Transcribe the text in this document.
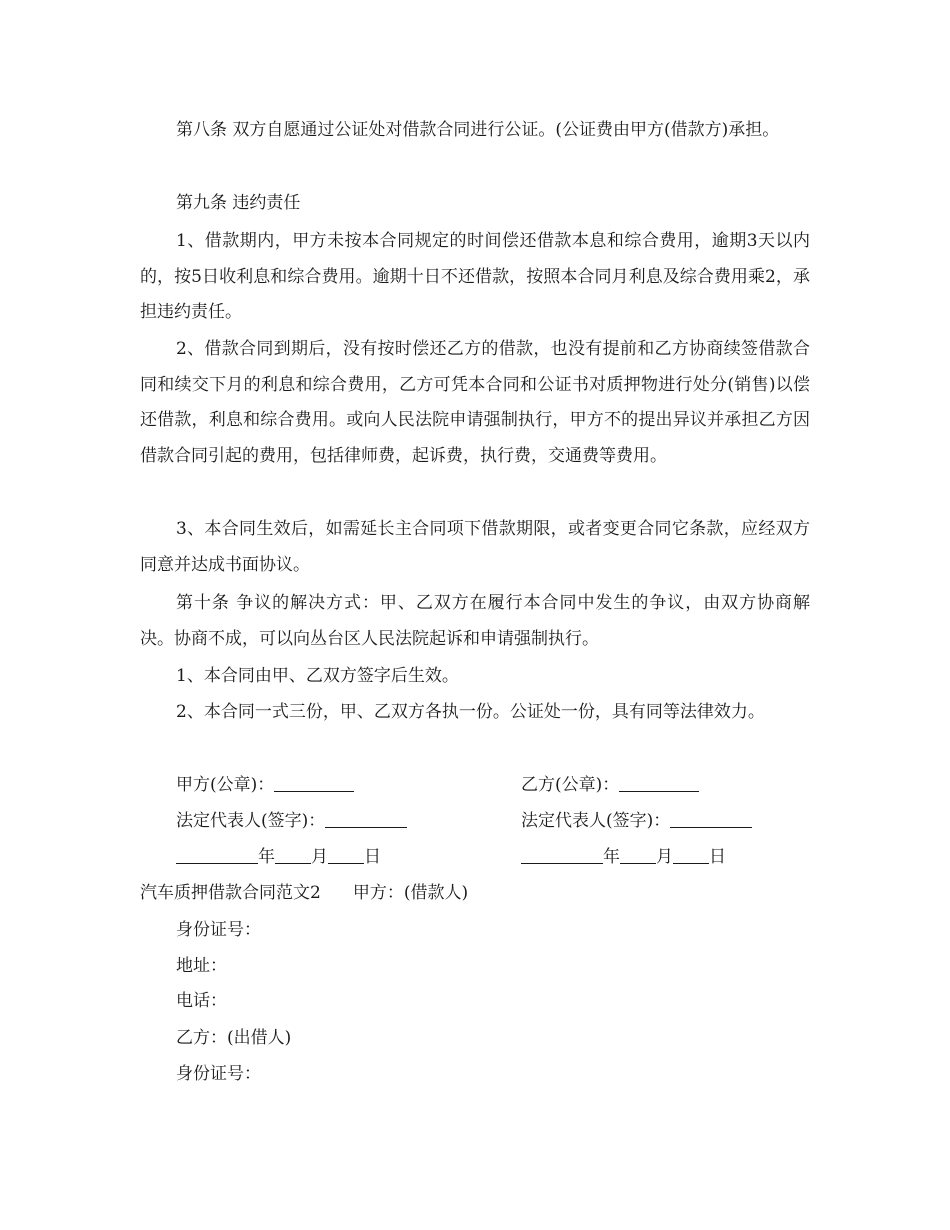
第八条 双方自愿通过公证处对借款合同进行公证。(公证费由甲方(借款方)承担。
第九条 违约责任
1、借款期内，甲方未按本合同规定的时间偿还借款本息和综合费用，逾期3天以内的，按5日收利息和综合费用。逾期十日不还借款，按照本合同月利息及综合费用乘2，承担违约责任。
2、借款合同到期后，没有按时偿还乙方的借款，也没有提前和乙方协商续签借款合同和续交下月的利息和综合费用，乙方可凭本合同和公证书对质押物进行处分(销售)以偿还借款，利息和综合费用。或向人民法院申请强制执行，甲方不的提出异议并承担乙方因借款合同引起的费用，包括律师费，起诉费，执行费，交通费等费用。
3、本合同生效后，如需延长主合同项下借款期限，或者变更合同它条款，应经双方同意并达成书面协议。
第十条 争议的解决方式：甲、乙双方在履行本合同中发生的争议，由双方协商解决。协商不成，可以向丛台区人民法院起诉和申请强制执行。
1、本合同由甲、乙双方签字后生效。
2、本合同一式三份，甲、乙双方各执一份。公证处一份，具有同等法律效力。
甲方(公章)：	乙方(公章)：
法定代表人(签字)：	法定代表人(签字)：
年 月 日	年 月 日
汽车质押借款合同范文2 甲方：(借款人)
身份证号：
地址：
电话：
乙方：(出借人)
身份证号：
